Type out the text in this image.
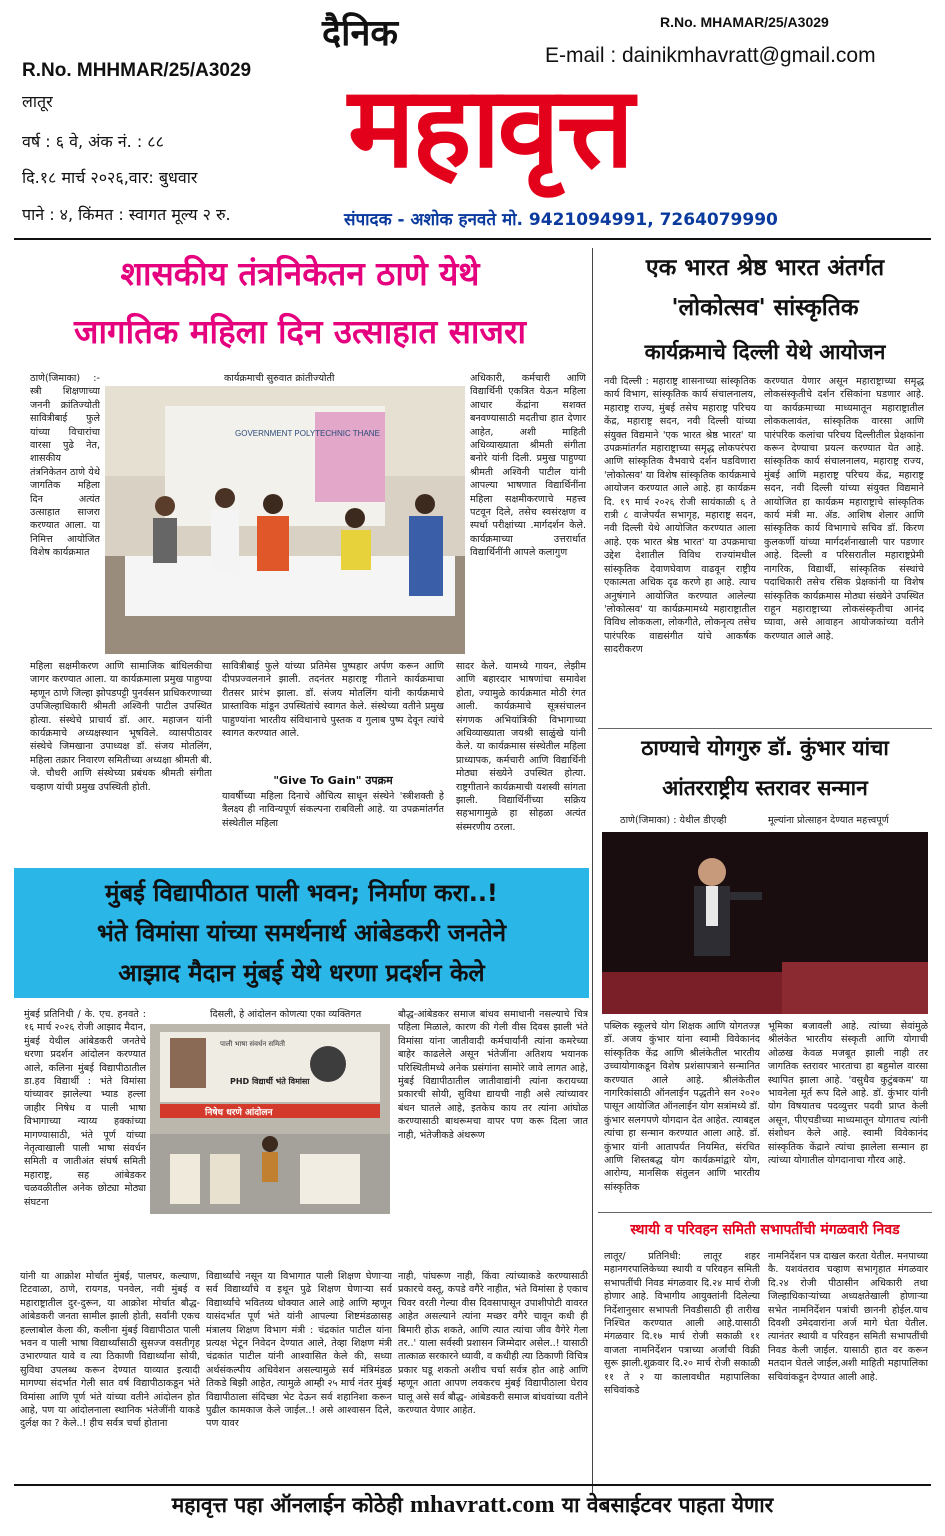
R.No. MHAMAR/25/A3029
दैनिक
E-mail : dainikmhavratt@gmail.com
महावृत्त
R.No. MHHMAR/25/A3029
लातूर
वर्ष : ६ वे, अंक नं. : ८८
दि.१८ मार्च २०२६,वार: बुधवार
पाने : ४, किंमत : स्वागत मूल्य २ रु.	संपादक - अशोक हनवते मो. 9421094991, 7264079990
शासकीय तंत्रनिकेतन ठाणे येथे
जागतिक महिला दिन उत्साहात साजरा
ठाणे(जिमाका) :- स्त्री शिक्षणाच्या जननी क्रांतिज्योती सावित्रीबाई फुले यांच्या विचारांचा वारसा पुढे नेत, शासकीय तंत्रनिकेतन ठाणे येथे जागतिक महिला दिन अत्यंत उत्साहात साजरा करण्यात आला. या निमित्त आयोजित विशेष कार्यक्रमात
GOVERNMENT POLYTECHNIC THANE
कार्यक्रमाची सुरुवात क्रांतीज्योती	अधिकारी, कर्मचारी आणि विद्यार्थिनी एकत्रित येऊन महिला आधार केंद्रांना सशक्त बनवण्यासाठी मदतीचा हात देणार आहेत, अशी माहिती अधिव्याख्याता श्रीमती संगीता बनोरे यांनी दिली. प्रमुख पाहुण्या श्रीमती अश्विनी पाटील यांनी आपल्या भाषणात विद्यार्थिनींना महिला सक्षमीकरणाचे महत्त्व पटवून दिले, तसेच स्वसंरक्षण व स्पर्धा परीक्षांच्या .मार्गदर्शन केले. कार्यक्रमाच्या उत्तरार्धात विद्यार्थिनींनी आपले कलागुण
महिला सक्षमीकरण आणि सामाजिक बांधिलकीचा जागर करण्यात आला. या कार्यक्रमाला प्रमुख पाहुण्या म्हणून ठाणे जिल्हा झोपडपट्टी पुनर्वसन प्राधिकरणाच्या उपजिल्हाधिकारी श्रीमती अश्विनी पाटील उपस्थित होत्या. संस्थेचे प्राचार्य डॉ. आर. महाजन यांनी कार्यक्रमाचे अध्यक्षस्थान भूषविले. व्यासपीठावर संस्थेचे जिमखाना उपाध्यक्ष डॉ. संजय मोतलिंग, महिला तक्रार निवारण समितीच्या अध्यक्षा श्रीमती बी. जे. चौधरी आणि संस्थेच्या प्रबंधक श्रीमती संगीता चव्हाण यांची प्रमुख उपस्थिती होती.
सावित्रीबाई फुले यांच्या प्रतिमेस पुष्पहार अर्पण करून आणि दीपप्रज्वलनाने झाली. तदनंतर महाराष्ट्र गीताने कार्यक्रमाचा रीतसर प्रारंभ झाला. डॉ. संजय मोतलिंग यांनी कार्यक्रमाचे प्रास्ताविक मांडून उपस्थितांचे स्वागत केले. संस्थेच्या वतीने प्रमुख पाहुण्यांना भारतीय संविधानाचे पुस्तक व गुलाब पुष्प देवून त्यांचे स्वागत करण्यात आले.
"Give To Gain" उपक्रम
यावर्षीच्या महिला दिनाचे औचित्य साधून संस्थेने 'स्त्रीशक्ती हे त्रैलक्ष्य ही नाविन्यपूर्ण संकल्पना राबविली आहे. या उपक्रमांतर्गत संस्थेतील महिला
सादर केले. यामध्ये गायन, लेझीम आणि बहारदार भाषणांचा समावेश होता, ज्यामुळे कार्यक्रमात मोठी रंगत आली. कार्यक्रमाचे सूत्रसंचालन संगणक अभियांत्रिकी विभागाच्या अधिव्याख्याता जयश्री साळुंखे यांनी केले. या कार्यक्रमास संस्थेतील महिला प्राध्यापक, कर्मचारी आणि विद्यार्थिनी मोठ्या संख्येने उपस्थित होत्या. राष्ट्रगीताने कार्यक्रमाची यशस्वी सांगता झाली. विद्यार्थिनींच्या सक्रिय सहभागामुळे हा सोहळा अत्यंत संस्मरणीय ठरला.
एक भारत श्रेष्ठ भारत अंतर्गत
'लोकोत्सव' सांस्कृतिक
कार्यक्रमाचे दिल्ली येथे आयोजन
नवी दिल्ली : महाराष्ट्र शासनाच्या सांस्कृतिक कार्य विभाग, सांस्कृतिक कार्य संचालनालय, महाराष्ट्र राज्य, मुंबई तसेच महाराष्ट्र परिचय केंद्र, महाराष्ट्र सदन, नवी दिल्ली यांच्या संयुक्त विद्यमाने 'एक भारत श्रेष्ठ भारत' या उपक्रमांतर्गत महाराष्ट्राच्या समृद्ध लोकपरंपरा आणि सांस्कृतिक वैभवाचे दर्शन घडविणारा 'लोकोत्सव' या विशेष सांस्कृतिक कार्यक्रमाचे आयोजन करण्यात आले आहे. हा कार्यक्रम दि. १९ मार्च २०२६ रोजी सायंकाळी ६ ते रात्री ८ वाजेपर्यंत सभागृह, महाराष्ट्र सदन, नवी दिल्ली येथे आयोजित करण्यात आला आहे. एक भारत श्रेष्ठ भारत' या उपक्रमाचा उद्देश देशातील विविध राज्यांमधील सांस्कृतिक देवाणघेवाण वाढवून राष्ट्रीय एकात्मता अधिक दृढ करणे हा आहे. त्याच अनुषंगाने आयोजित करण्यात आलेल्या 'लोकोत्सव' या कार्यक्रमामध्ये महाराष्ट्रातील विविध लोककला, लोकगीते, लोकनृत्य तसेच पारंपरिक वाद्यसंगीत यांचे आकर्षक सादरीकरण
करण्यात येणार असून महाराष्ट्राच्या समृद्ध लोकसंस्कृतीचे दर्शन रसिकांना घडणार आहे. या कार्यक्रमाच्या माध्यमातून महाराष्ट्रातील लोककलावंत, सांस्कृतिक वारसा आणि पारंपरिक कलांचा परिचय दिल्लीतील प्रेक्षकांना करून देण्याचा प्रयत्न करण्यात येत आहे. सांस्कृतिक कार्य संचालनालय, महाराष्ट्र राज्य, मुंबई आणि महाराष्ट्र परिचय केंद्र, महाराष्ट्र सदन, नवी दिल्ली यांच्या संयुक्त विद्यमाने आयोजित हा कार्यक्रम महाराष्ट्राचे सांस्कृतिक कार्य मंत्री मा. ॲड. आशिष शेलार आणि सांस्कृतिक कार्य विभागाचे सचिव डॉ. किरण कुलकर्णी यांच्या मार्गदर्शनाखाली पार पडणार आहे. दिल्ली व परिसरातील महाराष्ट्रप्रेमी नागरिक, विद्यार्थी, सांस्कृतिक संस्थांचे पदाधिकारी तसेच रसिक प्रेक्षकांनी या विशेष सांस्कृतिक कार्यक्रमास मोठ्या संख्येने उपस्थित राहून महाराष्ट्राच्या लोकसंस्कृतीचा आनंद घ्यावा, असे आवाहन आयोजकांच्या वतीने करण्यात आले आहे.
ठाण्याचे योगगुरु डॉ. कुंभार यांचा
आंतरराष्ट्रीय स्तरावर सन्मान
ठाणे(जिमाका) : येथील डीएव्ही	मूल्यांना प्रोत्साहन देण्यात महत्त्वपूर्ण
पब्लिक स्कूलचे योग शिक्षक आणि योगतज्ज्ञ डॉ. अजय कुंभार यांना स्वामी विवेकानंद सांस्कृतिक केंद्र आणि श्रीलंकेतील भारतीय उच्चायोगाकडून विशेष प्रशंसापत्राने सन्मानित करण्यात आले आहे. श्रीलंकेतील नागरिकांसाठी ऑनलाईन पद्धतीने सन २०२० पासून आयोजित ऑनलाईन योग सत्रांमध्ये डॉ. कुंभार सलगपणे योगदान देत आहेत. त्याबद्दल त्यांचा हा सन्मान करण्यात आला आहे. डॉ. कुंभार यांनी आतापर्यंत नियमित, संरचित आणि शिस्तबद्ध योग कार्यक्रमांद्वारे योग, आरोग्य, मानसिक संतुलन आणि भारतीय सांस्कृतिक
भूमिका बजावली आहे. त्यांच्या सेवांमुळे श्रीलंकेत भारतीय संस्कृती आणि योगाची ओळख केवळ मजबूत झाली नाही तर जागतिक स्तरावर भारताचा हा बहुमोल वारसा स्थापित झाला आहे. 'वसुधैव कुटुंबकम' या भावनेला मूर्त रूप दिले आहे. डॉ. कुंभार यांनी योग विषयातच पदव्युत्तर पदवी प्राप्त केली असून, पीएचडीच्या माध्यमातून योगातच त्यांनी संशोधन केले आहे. स्वामी विवेकानंद सांस्कृतिक केंद्राने त्यांचा झालेला सन्मान हा त्यांच्या योगातील योगदानाचा गौरव आहे.
स्थायी व परिवहन समिती सभापतींची मंगळवारी निवड
लातूर/ प्रतिनिधी: लातूर शहर महानगरपालिकेच्या स्थायी व परिवहन समिती सभापतींची निवड मंगळवार दि.२४ मार्च रोजी होणार आहे. विभागीय आयुक्तांनी दिलेल्या निर्देशानुसार सभापती निवडीसाठी ही तारीख निश्चित करण्यात आली आहे.यासाठी मंगळवार दि.१७ मार्च रोजी सकाळी ११ वाजता नामनिर्देशन पत्राच्या अर्जांची विक्री सुरू झाली.शुक्रवार दि.२० मार्च रोजी सकाळी ११ ते २ या कालावधीत महापालिका सचिवांकडे
नामनिर्देशन पत्र दाखल करता येतील. मनपाच्या कै. यशवंतराव चव्हाण सभागृहात मंगळवार दि.२४ रोजी पीठासीन अधिकारी तथा जिल्हाधिकाऱ्यांच्या अध्यक्षतेखाली होणाऱ्या सभेत नामनिर्देशन पत्रांची छाननी होईल.याच दिवशी उमेदवारांना अर्ज मागे घेता येतील. त्यानंतर स्थायी व परिवहन समिती सभापतींची निवड केली जाईल. यासाठी हात वर करून मतदान घेतले जाईल,अशी माहिती महापालिका सचिवांकडून देण्यात आली आहे.
मुंबई विद्यापीठात पाली भवन; निर्माण करा..!
भंते विमांसा यांच्या समर्थनार्थ आंबेडकरी जनतेने
आझाद मैदान मुंबई येथे धरणा प्रदर्शन केले
मुंबई प्रतिनिधी / के. एच. हनवते : १६ मार्च २०२६ रोजी आझाद मैदान, मुंबई येथील आंबेडकरी जनतेचे धरणा प्रदर्शन आंदोलन करण्यात आले, कलिना मुंबई विद्यापीठातील डा.हव विद्यार्थी : भंते विमांसा यांच्यावर झालेल्या भ्याड हल्ला जाहीर निषेध व पाली भाषा विभागाच्या न्याय्य हक्कांच्या मागण्यासाठी, भंते पूर्ण यांच्या नेतृत्वाखाली पाली भाषा संवर्धन समिती व जातीअंत संघर्ष समिती महाराष्ट्र, सह आंबेडकर चळवळीतील अनेक छोट्या मोठ्या संघटना
दिसली, हे आंदोलन कोणत्या एका व्यक्तिगत
पाली भाषा संवर्धन समिती
PHD विद्यार्थी भंते विमांसा
निषेध धरणे आंदोलन
बौद्ध-आंबेडकर समाज बांधव समाधानी नसल्याचे चित्र पहिला मिळाले, कारण की गेली वीस दिवस झाली भंते विमांसा यांना जातीवादी कर्मचार्यांनी त्यांना कमरेच्या बाहेर काढलेले असून भंतेजींना अतिशय भयानक परिस्थितीमध्ये अनेक प्रसंगांना सामोरे जावे लागत आहे, मुंबई विद्यापीठातील जातीवाद्यांनी त्यांना करायच्या प्रकारची सोयी, सुविधा द्यायची नाही असे त्यांच्यावर बंधन घातले आहे, इतकेच काय तर त्यांना आंघोळ करण्यासाठी बाथरूमचा वापर पण करू दिला जात नाही, भंतेजीकडे अंथरूण
यांनी या आक्रोश मोर्चात मुंबई, पालघर, कल्याण, टिटवाळा, ठाणे, रायगड, पनवेल, नवी मुंबई व महाराष्ट्रातील दुर-दुरून, या आक्रोश मोर्चात बौद्ध- आंबेडकरी जनता सामील झाली होती, सर्वांनी एकच हल्लाबोल केला की, कलीना मुंबई विद्यापीठात पाली भवन व पाली भाषा विद्यार्थ्यांसाठी सुसज्ज वसतीगृह उभारण्यात यावे व त्या ठिकाणी विद्यार्थ्यांना सोयी, सुविधा उपलब्ध करून देण्यात याव्यात इत्यादी मागण्या संदर्भात गेली सात वर्ष विद्यापीठाकडून भंते विमांसा आणि पूर्ण भंते यांच्या वतीने आंदोलन होत आहे, पण या आंदोलनाला स्थानिक भंतेजींनी याकडे दुर्लक्ष का ? केले..! हीच सर्वत्र चर्चा होताना
विद्यार्थ्यांचे नसून या विभागात पाली शिक्षण घेणाऱ्या सर्व विद्यार्थ्यांचे व इथून पुढे शिक्षण घेणाऱ्या सर्व विद्यार्थ्यांचे भवितव्य धोक्यात आले आहे आणि म्हणून यासंदर्भात पूर्ण भंते यांनी आपल्या शिष्टमंडळासह मंत्रालय शिक्षण विभाग मंत्री : चंद्रकांत पाटील यांना प्रत्यक्ष भेटून निवेदन देण्यात आले, तेव्हा शिक्षण मंत्री चंद्रकांत पाटील यांनी आश्वासित केले की, सध्या अर्थसंकल्पीय अधिवेशन असल्यामुळे सर्व मंत्रिमंडळ तिकडे बिझी आहेत, त्यामुळे आम्ही २५ मार्च नंतर मुंबई विद्यापीठाला संदिच्छा भेट देऊन सर्व शहानिशा करून पुढील कामकाज केले जाईल..! असे आश्वासन दिले, पण यावर
नाही, पांघरूण नाही, किंवा त्यांच्याकडे करण्यासाठी प्रकारचे वस्तू, कपडे वगैरे नाहीत, भंते विमांसा हे एकाच चिवर वरती गेल्या वीस दिवसापासून उपाशीपोटी वावरत आहेत असल्याने त्यांना मच्छर वगैरे चावून कधी ही बिमारी होऊ शकते, आणि त्यात त्यांचा जीव वैगेरे गेला तर..' याला सर्वस्वी प्रशासन जिम्मेदार असेल..! यासाठी तात्काळ सरकारने ध्यावी, व कधीही त्या ठिकाणी विचित्र प्रकार घडू शकतो अशीच चर्चा सर्वत्र होत आहे आणि म्हणून आता आपण लवकरच मुंबई विद्यापीठाला घेराव घालू असे सर्व बौद्ध- आंबेडकरी समाज बांधवांच्या वतीने करण्यात येणार आहेत.
महावृत्त पहा ऑनलाईन कोठेही mhavratt.com या वेबसाईटवर पाहता येणार
